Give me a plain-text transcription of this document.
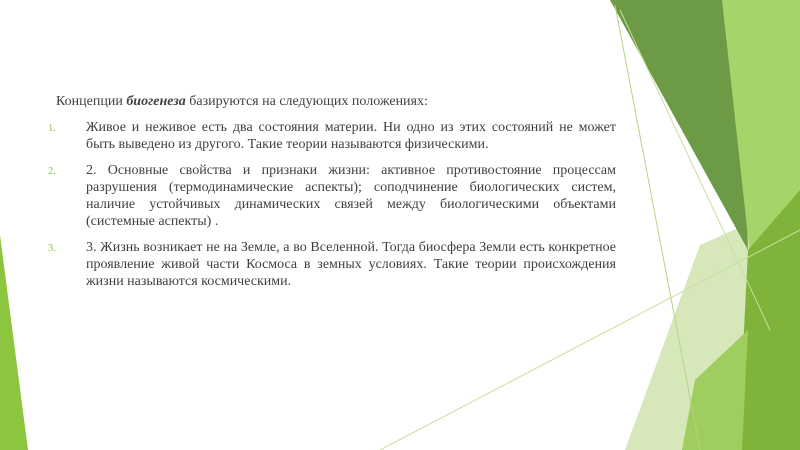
Концепции биогенеза базируются на следующих положениях:

1.	Живое и неживое есть два состояния материи. Ни одно из этих состояний не может быть выведено из другого. Такие теории называются физическими.
2.	2. Основные свойства и признаки жизни: активное противостояние процессам разрушения (термодинамические аспекты); соподчинение биологических систем, наличие устойчивых динамических связей между биологическими объектами (системные аспекты) .
3.	3. Жизнь возникает не на Земле, а во Вселенной. Тогда биосфера Земли есть конкретное проявление живой части Космоса в земных условиях. Такие теории происхождения жизни называются космическими.
